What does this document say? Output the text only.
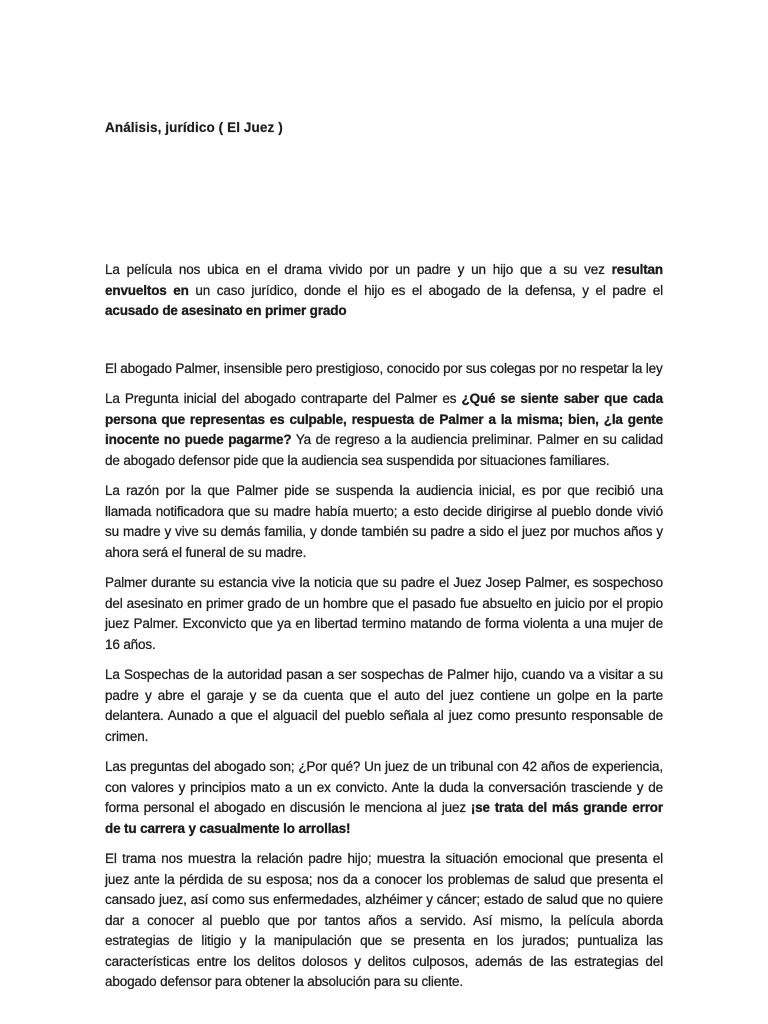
Análisis, jurídico ( El Juez )

La película nos ubica en el drama vivido por un padre y un hijo que a su vez resultan envueltos en un caso jurídico, donde el hijo es el abogado de la defensa, y el padre el acusado de asesinato en primer grado

El abogado Palmer, insensible pero prestigioso, conocido por sus colegas por no respetar la ley

La Pregunta inicial del abogado contraparte del Palmer es ¿Qué se siente saber que cada persona que representas es culpable, respuesta de Palmer a la misma; bien, ¿la gente inocente no puede pagarme? Ya de regreso a la audiencia preliminar. Palmer en su calidad de abogado defensor pide que la audiencia sea suspendida por situaciones familiares.

La razón por la que Palmer pide se suspenda la audiencia inicial, es por que recibió una llamada notificadora que su madre había muerto; a esto decide dirigirse al pueblo donde vivió su madre y vive su demás familia, y donde también su padre a sido el juez por muchos años y ahora será el funeral de su madre.

Palmer durante su estancia vive la noticia que su padre el Juez Josep Palmer, es sospechoso del asesinato en primer grado de un hombre que el pasado fue absuelto en juicio por el propio juez Palmer. Exconvicto que ya en libertad termino matando de forma violenta a una mujer de 16 años.

La Sospechas de la autoridad pasan a ser sospechas de Palmer hijo, cuando va a visitar a su padre y abre el garaje y se da cuenta que el auto del juez contiene un golpe en la parte delantera. Aunado a que el alguacil del pueblo señala al juez como presunto responsable de crimen.

Las preguntas del abogado son; ¿Por qué? Un juez de un tribunal con 42 años de experiencia, con valores y principios mato a un ex convicto. Ante la duda la conversación trasciende y de forma personal el abogado en discusión le menciona al juez ¡se trata del más grande error de tu carrera y casualmente lo arrollas!

El trama nos muestra la relación padre hijo; muestra la situación emocional que presenta el juez ante la pérdida de su esposa; nos da a conocer los problemas de salud que presenta el cansado juez, así como sus enfermedades, alzhéimer y cáncer; estado de salud que no quiere dar a conocer al pueblo que por tantos años a servido. Así mismo, la película aborda estrategias de litigio y la manipulación que se presenta en los jurados; puntualiza las características entre los delitos dolosos y delitos culposos, además de las estrategias del abogado defensor para obtener la absolución para su cliente.
